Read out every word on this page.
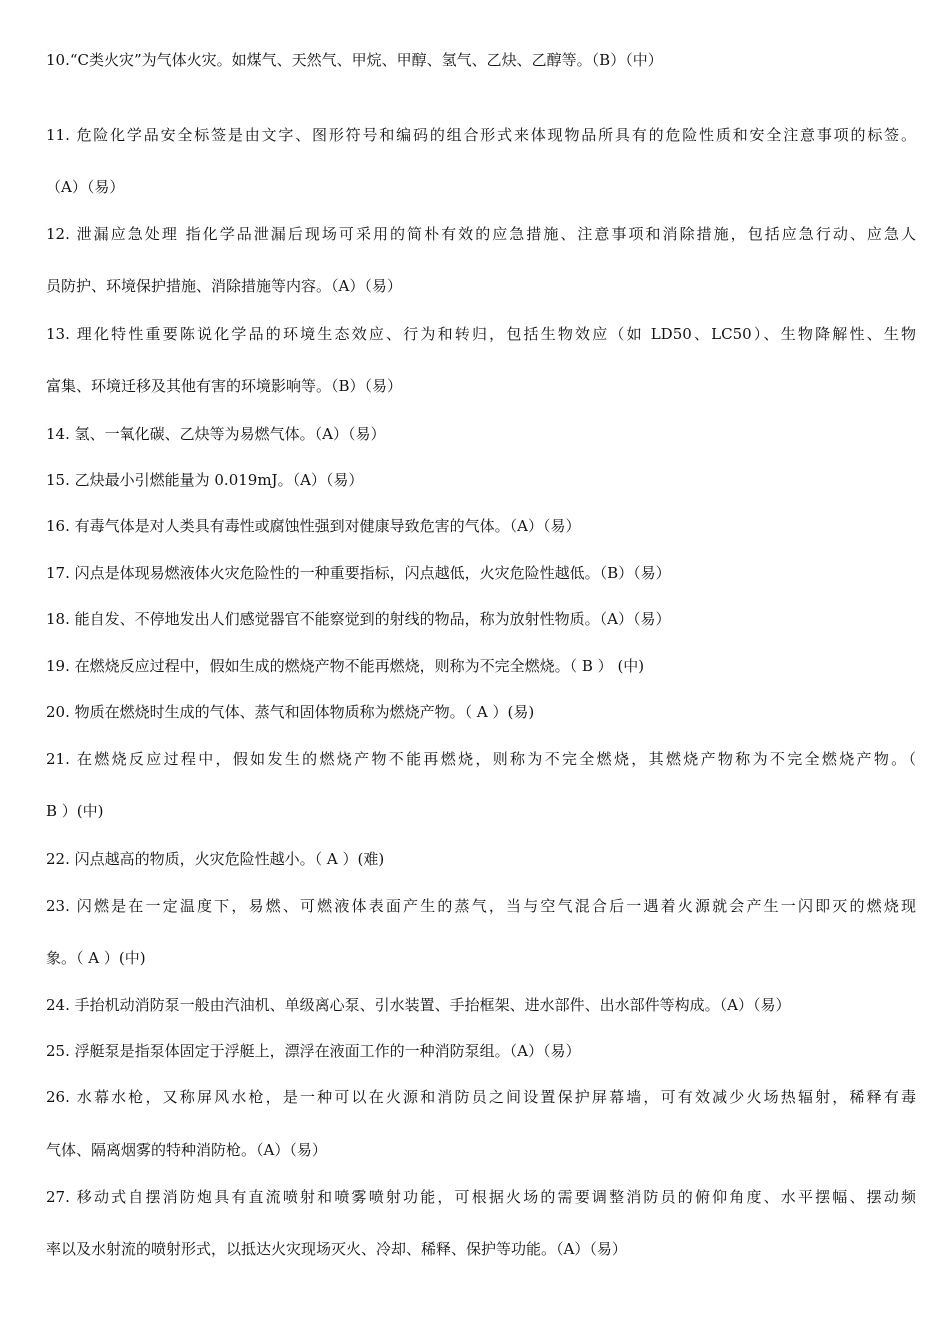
10.“C类火灾”为气体火灾。如煤气、天然气、甲烷、甲醇、氢气、乙炔、乙醇等。（B）（中）
11. 危险化学品安全标签是由文字、图形符号和编码的组合形式来体现物品所具有的危险性质和安全注意事项的标签。
（A）（易）
12. 泄漏应急处理 指化学品泄漏后现场可采用的简朴有效的应急措施、注意事项和消除措施，包括应急行动、应急人
员防护、环境保护措施、消除措施等内容。（A）（易）
13. 理化特性重要陈说化学品的环境生态效应、行为和转归，包括生物效应（如 LD50、LC50）、生物降解性、生物
富集、环境迁移及其他有害的环境影响等。（B）（易）
14. 氢、一氧化碳、乙炔等为易燃气体。（A）（易）
15. 乙炔最小引燃能量为 0.019mJ。（A）（易）
16. 有毒气体是对人类具有毒性或腐蚀性强到对健康导致危害的气体。（A）（易）
17. 闪点是体现易燃液体火灾危险性的一种重要指标，闪点越低，火灾危险性越低。（B）（易）
18. 能自发、不停地发出人们感觉器官不能察觉到的射线的物品，称为放射性物质。（A）（易）
19. 在燃烧反应过程中，假如生成的燃烧产物不能再燃烧，则称为不完全燃烧。（ B ） (中)
20. 物质在燃烧时生成的气体、蒸气和固体物质称为燃烧产物。（ A ）(易)
21. 在燃烧反应过程中，假如发生的燃烧产物不能再燃烧，则称为不完全燃烧，其燃烧产物称为不完全燃烧产物。（
B ）(中)
22. 闪点越高的物质，火灾危险性越小。（ A ）(难)
23. 闪燃是在一定温度下，易燃、可燃液体表面产生的蒸气，当与空气混合后一遇着火源就会产生一闪即灭的燃烧现
象。（ A ）(中)
24. 手抬机动消防泵一般由汽油机、单级离心泵、引水装置、手抬框架、进水部件、出水部件等构成。（A）（易）
25. 浮艇泵是指泵体固定于浮艇上，漂浮在液面工作的一种消防泵组。（A）（易）
26. 水幕水枪，又称屏风水枪，是一种可以在火源和消防员之间设置保护屏幕墙，可有效减少火场热辐射，稀释有毒
气体、隔离烟雾的特种消防枪。（A）（易）
27. 移动式自摆消防炮具有直流喷射和喷雾喷射功能，可根据火场的需要调整消防员的俯仰角度、水平摆幅、摆动频
率以及水射流的喷射形式，以抵达火灾现场灭火、冷却、稀释、保护等功能。（A）（易）
